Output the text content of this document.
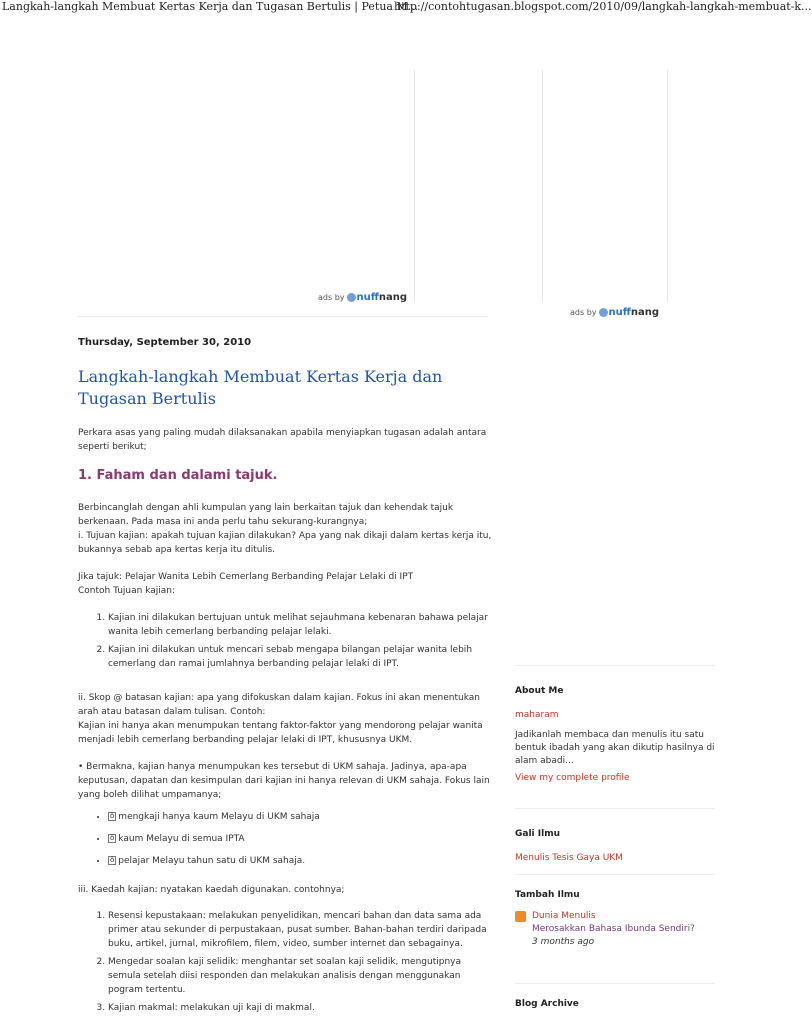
Langkah-langkah Membuat Kertas Kerja dan Tugasan Bertulis | Petua M...
http://contohtugasan.blogspot.com/2010/09/langkah-langkah-membuat-k...
ads by nuffnang
ads by nuffnang
Thursday, September 30, 2010
Langkah-langkah Membuat Kertas Kerja dan Tugasan Bertulis

Perkara asas yang paling mudah dilaksanakan apabila menyiapkan tugasan adalah antara seperti berikut;

1. Faham dan dalami tajuk.

Berbincanglah dengan ahli kumpulan yang lain berkaitan tajuk dan kehendak tajuk berkenaan. Pada masa ini anda perlu tahu sekurang-kurangnya;
i. Tujuan kajian: apakah tujuan kajian dilakukan? Apa yang nak dikaji dalam kertas kerja itu, bukannya sebab apa kertas kerja itu ditulis.

Jika tajuk: Pelajar Wanita Lebih Cemerlang Berbanding Pelajar Lelaki di IPT
Contoh Tujuan kajian:

1. Kajian ini dilakukan bertujuan untuk melihat sejauhmana kebenaran bahawa pelajar wanita lebih cemerlang berbanding pelajar lelaki.
2. Kajian ini dilakukan untuk mencari sebab mengapa bilangan pelajar wanita lebih cemerlang dan ramai jumlahnya berbanding pelajar lelaki di IPT.

ii. Skop @ batasan kajian: apa yang difokuskan dalam kajian. Fokus ini akan menentukan arah atau batasan dalam tulisan. Contoh:
Kajian ini hanya akan menumpukan tentang faktor-faktor yang mendorong pelajar wanita menjadi lebih cemerlang berbanding pelajar lelaki di IPT, khususnya UKM.

• Bermakna, kajian hanya menumpukan kes tersebut di UKM sahaja. Jadinya, apa-apa keputusan, dapatan dan kesimpulan dari kajian ini hanya relevan di UKM sahaja. Fokus lain yang boleh dilihat umpamanya;

• ô mengkaji hanya kaum Melayu di UKM sahaja
• ô kaum Melayu di semua IPTA
• ô pelajar Melayu tahun satu di UKM sahaja.

iii. Kaedah kajian: nyatakan kaedah digunakan. contohnya;

1. Resensi kepustakaan: melakukan penyelidikan, mencari bahan dan data sama ada primer atau sekunder di perpustakaan, pusat sumber. Bahan-bahan terdiri daripada buku, artikel, jurnal, mikrofilem, filem, video, sumber internet dan sebagainya.
2. Mengedar soalan kaji selidik: menghantar set soalan kaji selidik, mengutipnya semula setelah diisi responden dan melakukan analisis dengan menggunakan pogram tertentu.
3. Kajian makmal: melakukan uji kaji di makmal.
About Me
maharam
Jadikanlah membaca dan menulis itu satu bentuk ibadah yang akan dikutip hasilnya di alam abadi...
View my complete profile
Gali Ilmu
Menulis Tesis Gaya UKM
Tambah Ilmu
Dunia Menulis
Merosakkan Bahasa Ibunda Sendiri?
3 months ago
Blog Archive
